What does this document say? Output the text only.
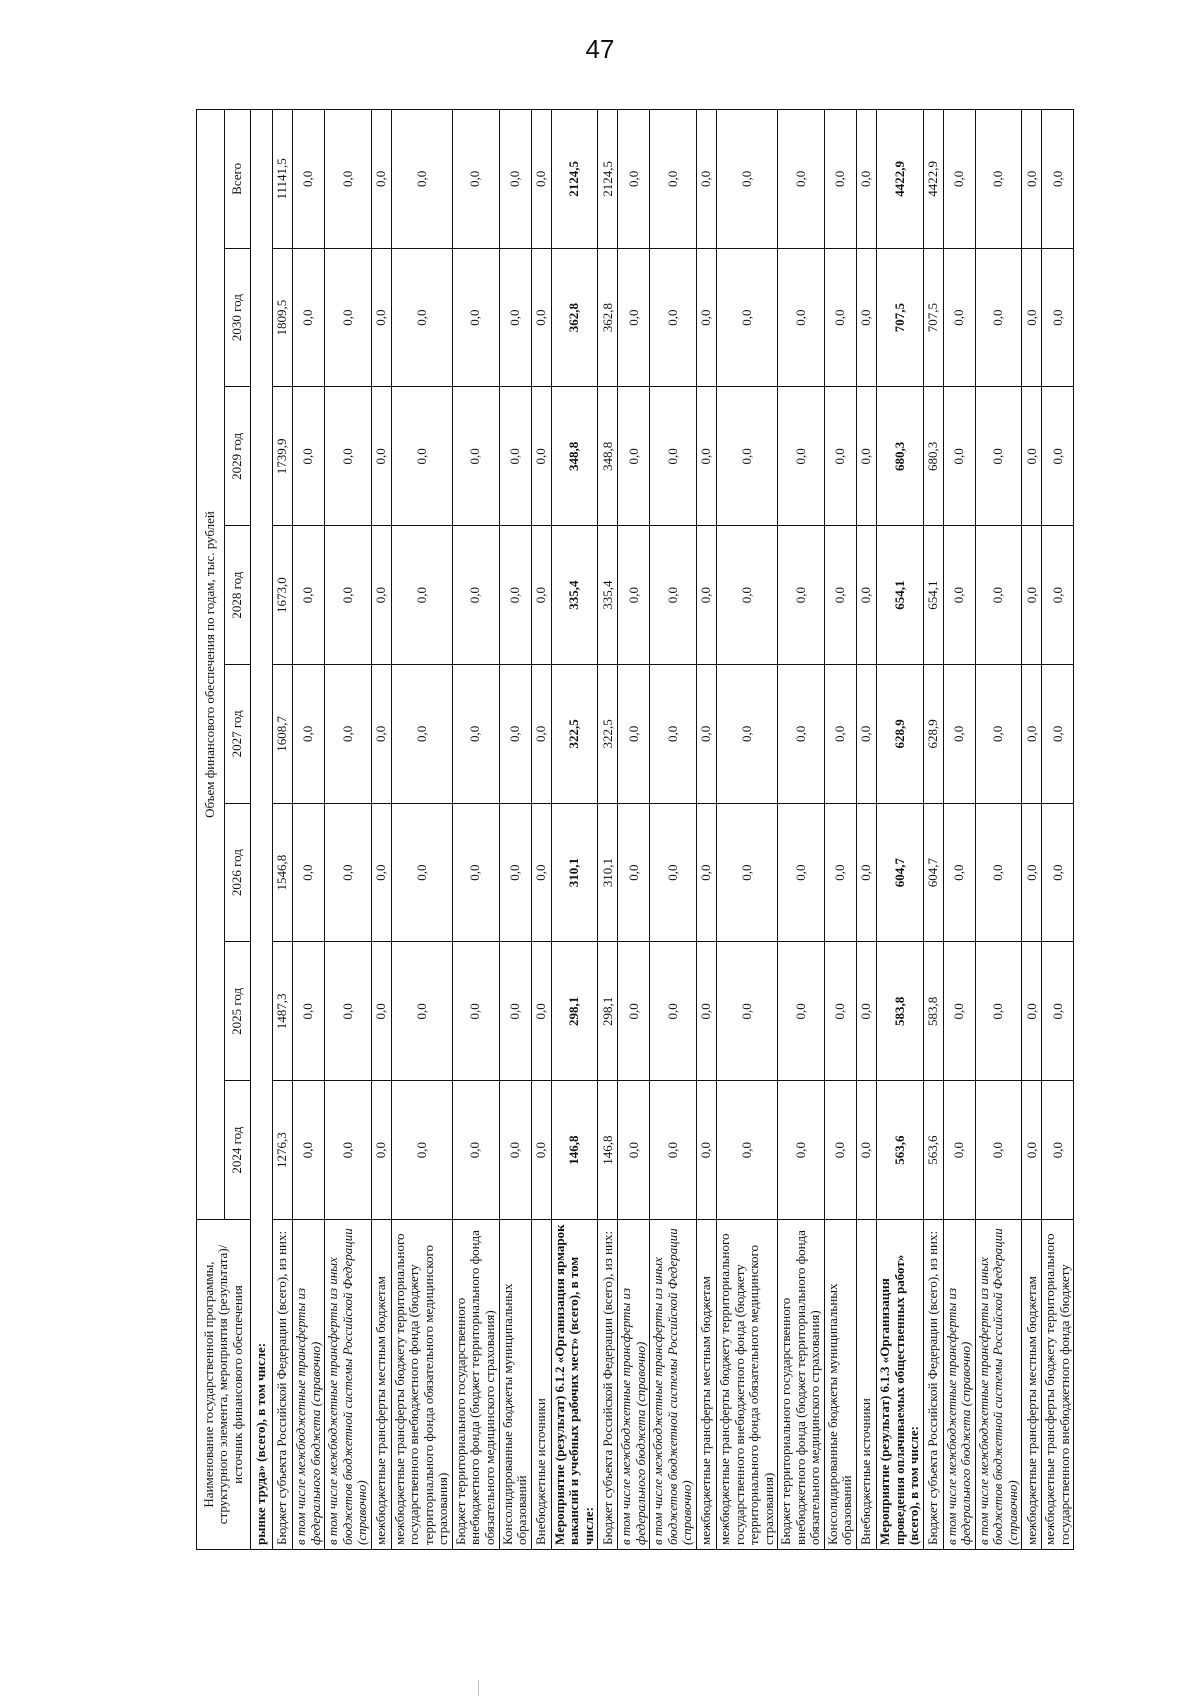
47
Наименование государственной программы, структурного элемента, мероприятия (результата)/источник финансового обеспечения	Объем финансового обеспечения по годам, тыс. рублей							
	2024 год	2025 год	2026 год	2027 год	2028 год	2029 год	2030 год	Всего
рынке труда» (всего), в том числе:								
Бюджет субъекта Российской Федерации (всего), из них:	1276,3	1487,3	1546,8	1608,7	1673,0	1739,9	1809,5	11141,5
в том числе межбюджетные трансферты из федерального бюджета (справочно)	0,0	0,0	0,0	0,0	0,0	0,0	0,0	0,0
в том числе межбюджетные трансферты из иных бюджетов бюджетной системы Российской Федерации (справочно)	0,0	0,0	0,0	0,0	0,0	0,0	0,0	0,0
межбюджетные трансферты местным бюджетам	0,0	0,0	0,0	0,0	0,0	0,0	0,0	0,0
межбюджетные трансферты бюджету территориального государственного внебюджетного фонда (бюджету территориального фонда обязательного медицинского страхования)	0,0	0,0	0,0	0,0	0,0	0,0	0,0	0,0
Бюджет территориального государственного внебюджетного фонда (бюджет территориального фонда обязательного медицинского страхования)	0,0	0,0	0,0	0,0	0,0	0,0	0,0	0,0
Консолидированные бюджеты муниципальных образований	0,0	0,0	0,0	0,0	0,0	0,0	0,0	0,0
Внебюджетные источники	0,0	0,0	0,0	0,0	0,0	0,0	0,0	0,0
Мероприятие (результат) 6.1.2 «Организация ярмарок вакансий и учебных рабочих мест» (всего), в том числе:	146,8	298,1	310,1	322,5	335,4	348,8	362,8	2124,5
Бюджет субъекта Российской Федерации (всего), из них:	146,8	298,1	310,1	322,5	335,4	348,8	362,8	2124,5
в том числе межбюджетные трансферты из федерального бюджета (справочно)	0,0	0,0	0,0	0,0	0,0	0,0	0,0	0,0
в том числе межбюджетные трансферты из иных бюджетов бюджетной системы Российской Федерации (справочно)	0,0	0,0	0,0	0,0	0,0	0,0	0,0	0,0
межбюджетные трансферты местным бюджетам	0,0	0,0	0,0	0,0	0,0	0,0	0,0	0,0
межбюджетные трансферты бюджету территориального государственного внебюджетного фонда (бюджету территориального фонда обязательного медицинского страхования)	0,0	0,0	0,0	0,0	0,0	0,0	0,0	0,0
Бюджет территориального государственного внебюджетного фонда (бюджет территориального фонда обязательного медицинского страхования)	0,0	0,0	0,0	0,0	0,0	0,0	0,0	0,0
Консолидированные бюджеты муниципальных образований	0,0	0,0	0,0	0,0	0,0	0,0	0,0	0,0
Внебюджетные источники	0,0	0,0	0,0	0,0	0,0	0,0	0,0	0,0
Мероприятие (результат) 6.1.3 «Организация проведения оплачиваемых общественных работ» (всего), в том числе:	563,6	583,8	604,7	628,9	654,1	680,3	707,5	4422,9
Бюджет субъекта Российской Федерации (всего), из них:	563,6	583,8	604,7	628,9	654,1	680,3	707,5	4422,9
в том числе межбюджетные трансферты из федерального бюджета (справочно)	0,0	0,0	0,0	0,0	0,0	0,0	0,0	0,0
в том числе межбюджетные трансферты из иных бюджетов бюджетной системы Российской Федерации (справочно)	0,0	0,0	0,0	0,0	0,0	0,0	0,0	0,0
межбюджетные трансферты местным бюджетам	0,0	0,0	0,0	0,0	0,0	0,0	0,0	0,0
межбюджетные трансферты бюджету территориального государственного внебюджетного фонда (бюджету	0,0	0,0	0,0	0,0	0,0	0,0	0,0	0,0
